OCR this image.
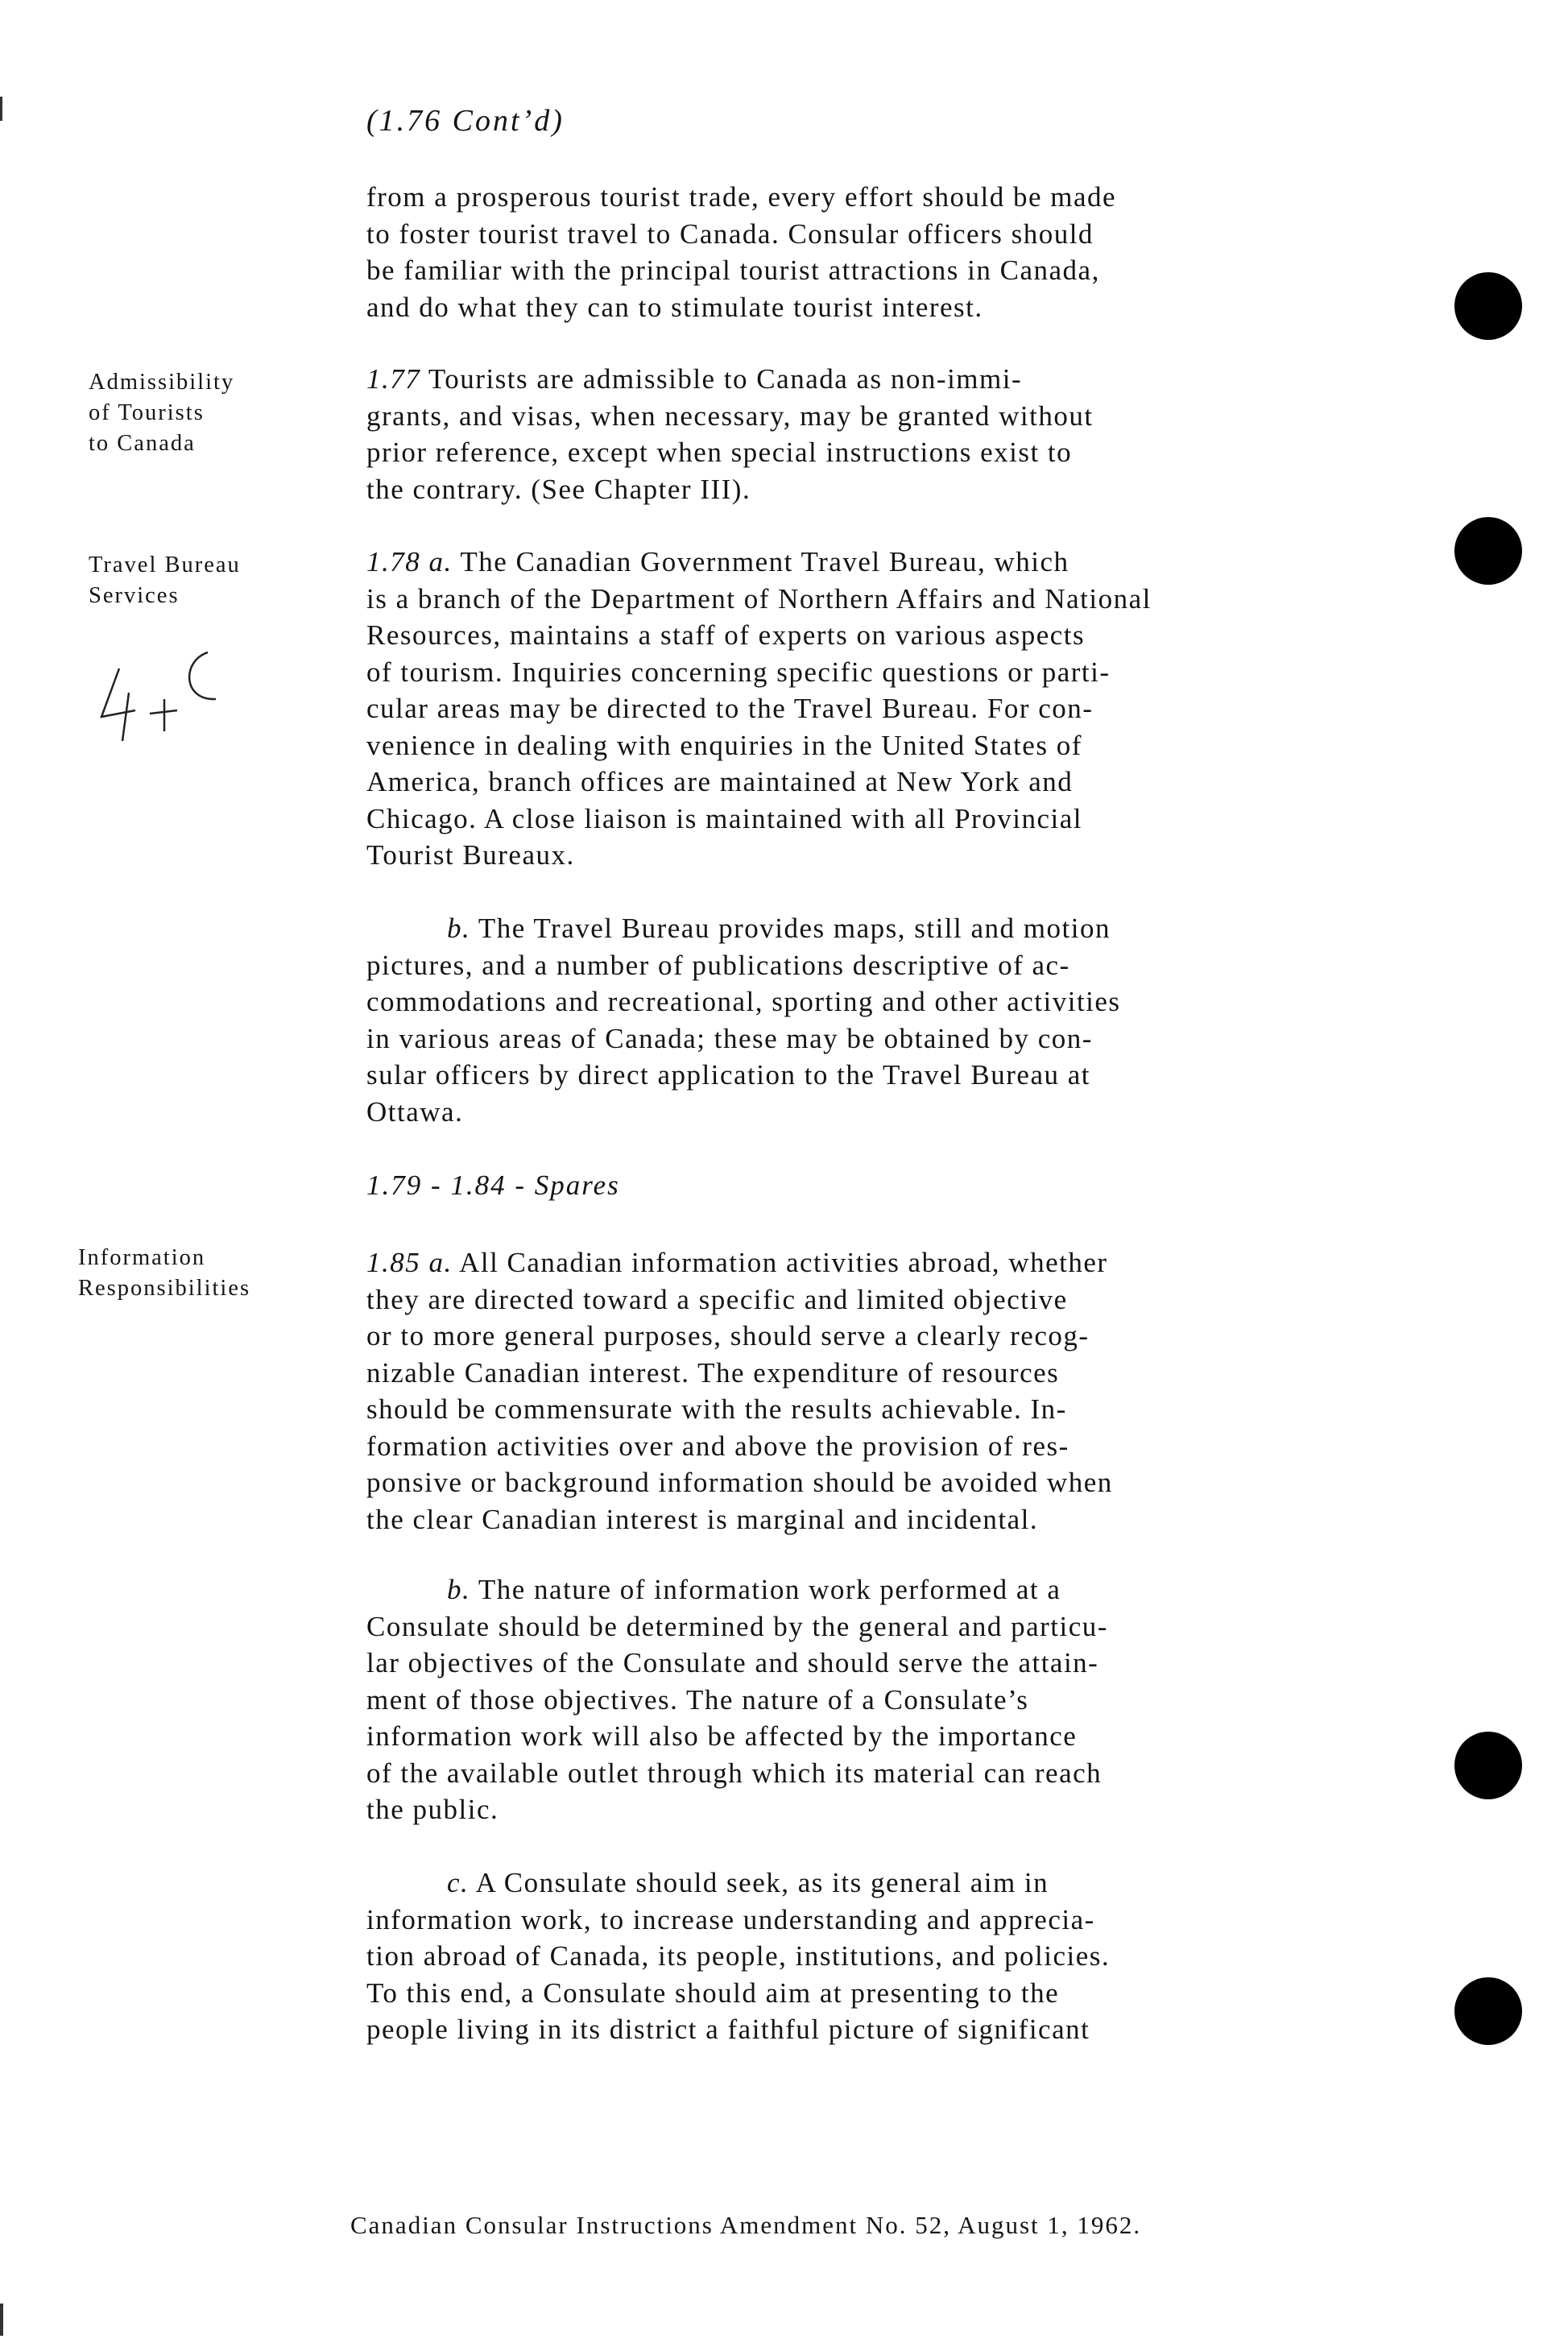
(1.76 Cont’d)

from a prosperous tourist trade, every effort should be made
to foster tourist travel to Canada. Consular officers should
be familiar with the principal tourist attractions in Canada,
and do what they can to stimulate tourist interest.

Admissibility
of Tourists
to Canada

1.77 Tourists are admissible to Canada as non-immi-
grants, and visas, when necessary, may be granted without
prior reference, except when special instructions exist to
the contrary. (See Chapter III).

Travel Bureau
Services

1.78 a. The Canadian Government Travel Bureau, which
is a branch of the Department of Northern Affairs and National
Resources, maintains a staff of experts on various aspects
of tourism. Inquiries concerning specific questions or parti-
cular areas may be directed to the Travel Bureau. For con-
venience in dealing with enquiries in the United States of
America, branch offices are maintained at New York and
Chicago. A close liaison is maintained with all Provincial
Tourist Bureaux.

b. The Travel Bureau provides maps, still and motion
pictures, and a number of publications descriptive of ac-
commodations and recreational, sporting and other activities
in various areas of Canada; these may be obtained by con-
sular officers by direct application to the Travel Bureau at
Ottawa.

1.79 - 1.84 - Spares
Information
Responsibilities

1.85 a. All Canadian information activities abroad, whether
they are directed toward a specific and limited objective
or to more general purposes, should serve a clearly recog-
nizable Canadian interest. The expenditure of resources
should be commensurate with the results achievable. In-
formation activities over and above the provision of res-
ponsive or background information should be avoided when
the clear Canadian interest is marginal and incidental.

b. The nature of information work performed at a
Consulate should be determined by the general and particu-
lar objectives of the Consulate and should serve the attain-
ment of those objectives. The nature of a Consulate’s
information work will also be affected by the importance
of the available outlet through which its material can reach
the public.

c. A Consulate should seek, as its general aim in
information work, to increase understanding and apprecia-
tion abroad of Canada, its people, institutions, and policies.
To this end, a Consulate should aim at presenting to the
people living in its district a faithful picture of significant

Canadian Consular Instructions Amendment No. 52, August 1, 1962.
